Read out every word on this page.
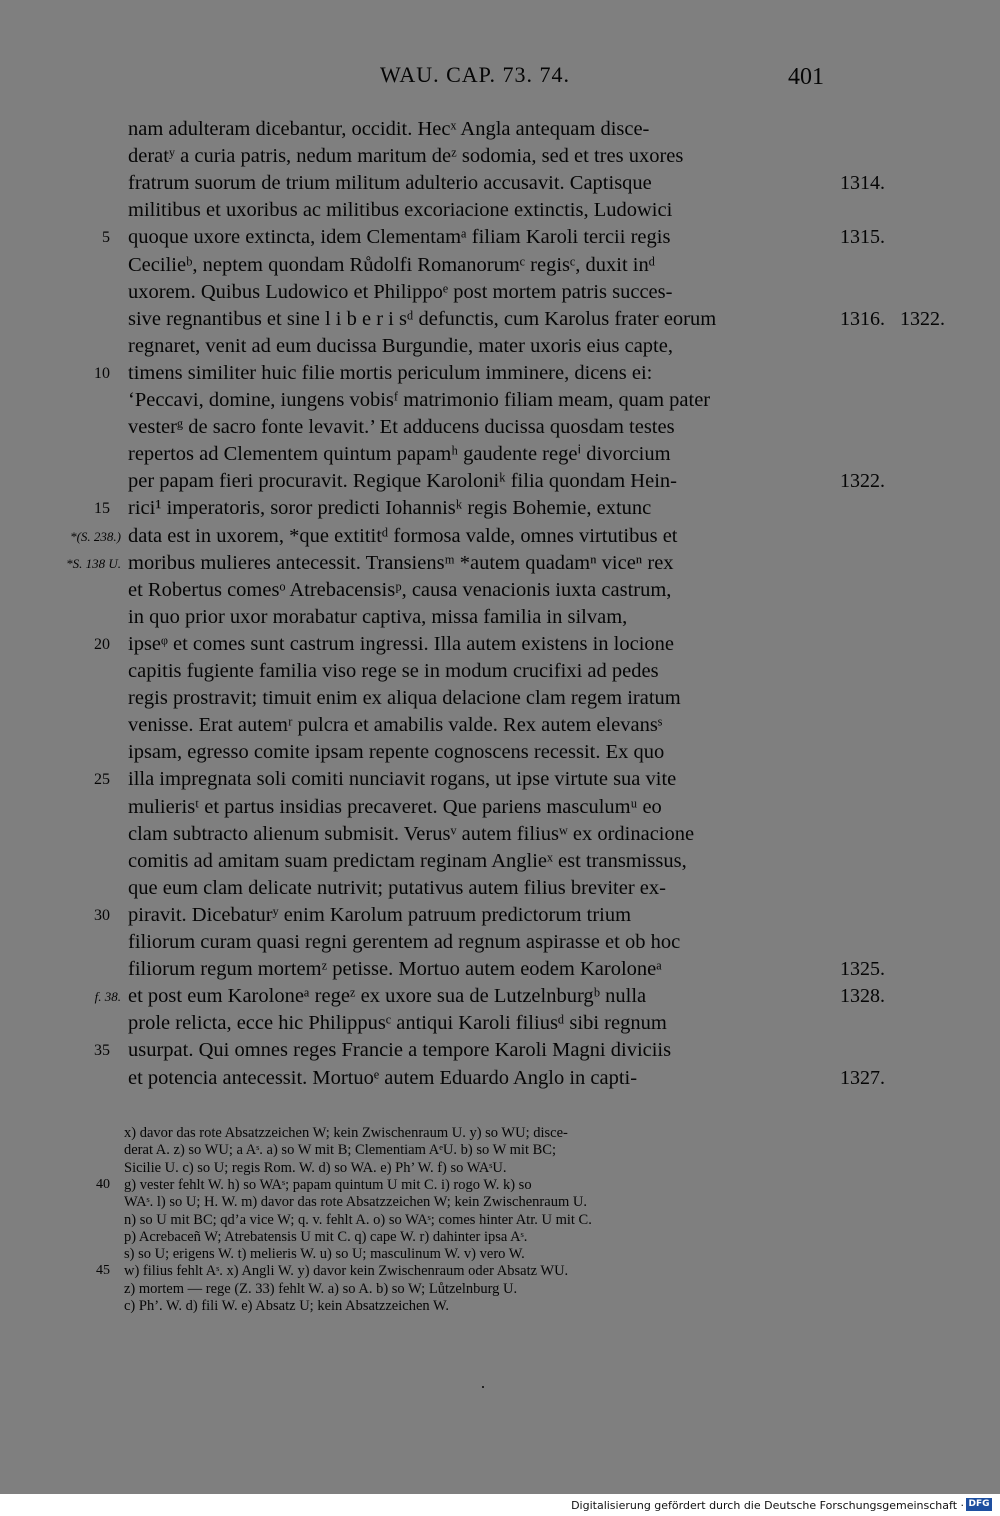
WAU. CAP. 73. 74.	401
nam adulteram dicebantur, occidit. Hecˣ Angla antequam disce-
deratʸ a curia patris, nedum maritum deᶻ sodomia, sed et tres uxores
fratrum suorum de trium militum adulterio accusavit. Captisque	1314.
militibus et uxoribus ac militibus excoriacione extinctis, Ludowici
quoque uxore extincta, idem Clementamᵃ filiam Karoli tercii regis
5	1315.
Cecilieᵇ, neptem quondam Růdolfi Romanorumᶜ regisᶜ, duxit inᵈ
uxorem. Quibus Ludowico et Philippoᵉ post mortem patris succes-
sive regnantibus et sine l i b e r i sᵈ defunctis, cum Karolus frater eorum	1316. 1322.
regnaret, venit ad eum ducissa Burgundie, mater uxoris eius capte,
timens similiter huic filie mortis periculum imminere, dicens ei:
10
‘Peccavi, domine, iungens vobisᶠ matrimonio filiam meam, quam pater
vesterᵍ de sacro fonte levavit.’ Et adducens ducissa quosdam testes
repertos ad Clementem quintum papamʰ gaudente regeⁱ divorcium
per papam fieri procuravit. Regique Karoloniᵏ filia quondam Hein-	1322.
rici¹ imperatoris, soror predicti Iohannisᵏ regis Bohemie, extunc
15
data est in uxorem, *que extititᵈ formosa valde, omnes virtutibus et
*(S. 238.)
moribus mulieres antecessit. Transiensᵐ *autem quadamⁿ viceⁿ rex
*S. 138 U.
et Robertus comesᵒ Atrebacensisᵖ, causa venacionis iuxta castrum,
in quo prior uxor morabatur captiva, missa familia in silvam,
ipseᵠ et comes sunt castrum ingressi. Illa autem existens in locione
20
capitis fugiente familia viso rege se in modum crucifixi ad pedes
regis prostravit; timuit enim ex aliqua delacione clam regem iratum
venisse. Erat autemʳ pulcra et amabilis valde. Rex autem elevansˢ
ipsam, egresso comite ipsam repente cognoscens recessit. Ex quo
illa impregnata soli comiti nunciavit rogans, ut ipse virtute sua vite
25
mulierisᵗ et partus insidias precaveret. Que pariens masculumᵘ eo
clam subtracto alienum submisit. Verusᵛ autem filiusʷ ex ordinacione
comitis ad amitam suam predictam reginam Anglieˣ est transmissus,
que eum clam delicate nutrivit; putativus autem filius breviter ex-
piravit. Dicebaturʸ enim Karolum patruum predictorum trium
30
filiorum curam quasi regni gerentem ad regnum aspirasse et ob hoc
filiorum regum mortemᶻ petisse. Mortuo autem eodem Karoloneᵃ	1325.
et post eum Karoloneᵃ regeᶻ ex uxore sua de Lutzelnburgᵇ nulla
f. 38.	1328.
prole relicta, ecce hic Philippusᶜ antiqui Karoli filiusᵈ sibi regnum
usurpat. Qui omnes reges Francie a tempore Karoli Magni diviciis
35
et potencia antecessit. Mortuoᵉ autem Eduardo Anglo in capti-	1327.
x) davor das rote Absatzzeichen W; kein Zwischenraum U. y) so WU; disce-
derat A. z) so WU; a Aˢ. a) so W mit B; Clementiam AᵉU. b) so W mit BC;
Sicilie U. c) so U; regis Rom. W. d) so WA. e) Ph’ W. f) so WAˢU.
g) vester fehlt W. h) so WAˢ; papam quintum U mit C. i) rogo W. k) so
40
WAˢ. l) so U; H. W. m) davor das rote Absatzzeichen W; kein Zwischenraum U.
n) so U mit BC; qd’a vice W; q. v. fehlt A. o) so WAˢ; comes hinter Atr. U mit C.
p) Acrebaceñ W; Atrebatensis U mit C. q) cape W. r) dahinter ipsa Aˢ.
s) so U; erigens W. t) melieris W. u) so U; masculinum W. v) vero W.
w) filius fehlt Aˢ. x) Angli W. y) davor kein Zwischenraum oder Absatz WU.
45
z) mortem — rege (Z. 33) fehlt W. a) so A. b) so W; Lůtzelnburg U.
c) Ph’. W. d) fili W. e) Absatz U; kein Absatzzeichen W.
Digitalisierung gefördert durch die Deutsche Forschungsgemeinschaft · DFG
